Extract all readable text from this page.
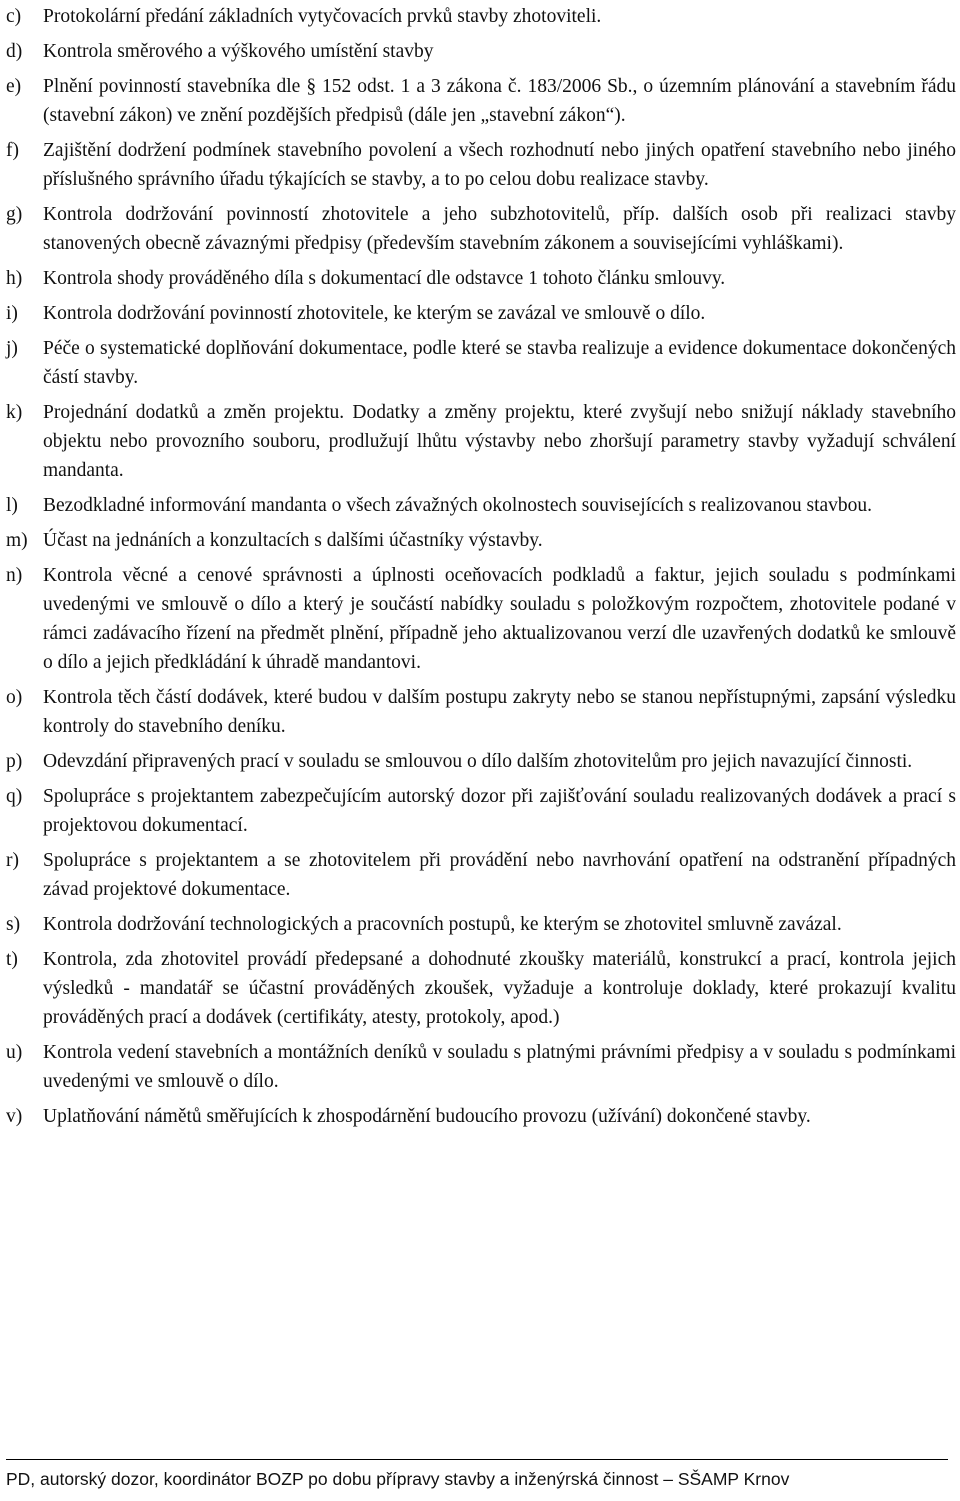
c)	Protokolární předání základních vytyčovacích prvků stavby zhotoviteli.
d)	Kontrola směrového a výškového umístění stavby
e)	Plnění povinností stavebníka dle § 152 odst. 1 a 3 zákona č. 183/2006 Sb., o územním plánování a stavebním řádu (stavební zákon) ve znění pozdějších předpisů (dále jen „stavební zákon“).
f)	Zajištění dodržení podmínek stavebního povolení a všech rozhodnutí nebo jiných opatření stavebního nebo jiného příslušného správního úřadu týkajících se stavby, a to po celou dobu realizace stavby.
g)	Kontrola dodržování povinností zhotovitele a jeho subzhotovitelů, příp. dalších osob při realizaci stavby stanovených obecně závaznými předpisy (především stavebním zákonem a souvisejícími vyhláškami).
h)	Kontrola shody prováděného díla s dokumentací dle odstavce 1 tohoto článku smlouvy.
i)	Kontrola dodržování povinností zhotovitele, ke kterým se zavázal ve smlouvě o dílo.
j)	Péče o systematické doplňování dokumentace, podle které se stavba realizuje a evidence dokumentace dokončených částí stavby.
k)	Projednání dodatků a změn projektu. Dodatky a změny projektu, které zvyšují nebo snižují náklady stavebního objektu nebo provozního souboru, prodlužují lhůtu výstavby nebo zhoršují parametry stavby vyžadují schválení mandanta.
l)	Bezodkladné informování mandanta o všech závažných okolnostech souvisejících s realizovanou stavbou.
m) Účast na jednáních a konzultacích s dalšími účastníky výstavby.
n)	Kontrola věcné a cenové správnosti a úplnosti oceňovacích podkladů a faktur, jejich souladu s podmínkami uvedenými ve smlouvě o dílo a který je součástí nabídky souladu s položkovým rozpočtem, zhotovitele podané v rámci zadávacího řízení na předmět plnění, případně jeho aktualizovanou verzí dle uzavřených dodatků ke smlouvě o dílo a jejich předkládání k úhradě mandantovi.
o)	Kontrola těch částí dodávek, které budou v dalším postupu zakryty nebo se stanou nepřístupnými, zapsání výsledku kontroly do stavebního deníku.
p)	Odevzdání připravených prací v souladu se smlouvou o dílo dalším zhotovitelům pro jejich navazující činnosti.
q)	Spolupráce s projektantem zabezpečujícím autorský dozor při zajišťování souladu realizovaných dodávek a prací s projektovou dokumentací.
r)	Spolupráce s projektantem a se zhotovitelem při provádění nebo navrhování opatření na odstranění případných závad projektové dokumentace.
s)	Kontrola dodržování technologických a pracovních postupů, ke kterým se zhotovitel smluvně zavázal.
t)	Kontrola, zda zhotovitel provádí předepsané a dohodnuté zkoušky materiálů, konstrukcí a prací, kontrola jejich výsledků - mandatář se účastní prováděných zkoušek, vyžaduje a kontroluje doklady, které prokazují kvalitu prováděných prací a dodávek (certifikáty, atesty, protokoly, apod.)
u)	Kontrola vedení stavebních a montážních deníků v souladu s platnými právními předpisy a v souladu s podmínkami uvedenými ve smlouvě o dílo.
v)	Uplatňování námětů směřujících k zhospodárnění budoucího provozu (užívání) dokončené stavby.
PD, autorský dozor, koordinátor BOZP po dobu přípravy stavby a inženýrská činnost – SŠAMP Krnov
